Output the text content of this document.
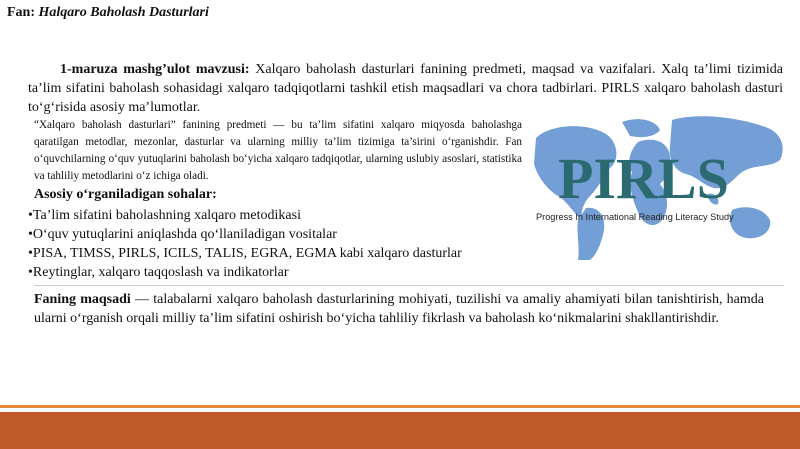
Fan: Halqaro Baholash Dasturlari
1-maruza mashg’ulot mavzusi: Xalqaro baholash dasturlari fanining predmeti, maqsad va vazifalari. Xalq ta’limi tizimida ta’lim sifatini baholash sohasidagi xalqaro tadqiqotlarni tashkil etish maqsadlari va chora tadbirlari. PIRLS xalqaro baholash dasturi to‘g‘risida asosiy ma’lumotlar.
“Xalqaro baholash dasturlari” fanining predmeti — bu ta’lim sifatini xalqaro miqyosda baholashga qaratilgan metodlar, mezonlar, dasturlar va ularning milliy ta’lim tizimiga ta’sirini o‘rganishdir. Fan o‘quvchilarning o‘quv yutuqlarini baholash bo‘yicha xalqaro tadqiqotlar, ularning uslubiy asoslari, statistika va tahliliy metodlarini o‘z ichiga oladi.	PIRLS
Progress In International Reading Literacy Study
Asosiy o‘rganiladigan sohalar:
• Ta’lim sifatini baholashning xalqaro metodikasi
• O‘quv yutuqlarini aniqlashda qo‘llaniladigan vositalar
• PISA, TIMSS, PIRLS, ICILS, TALIS, EGRA, EGMA kabi xalqaro dasturlar
• Reytinglar, xalqaro taqqoslash va indikatorlar
Faning maqsadi — talabalarni xalqaro baholash dasturlarining mohiyati, tuzilishi va amaliy ahamiyati bilan tanishtirish, hamda ularni o‘rganish orqali milliy ta’lim sifatini oshirish bo‘yicha tahliliy fikrlash va baholash ko‘nikmalarini shakllantirishdir.
